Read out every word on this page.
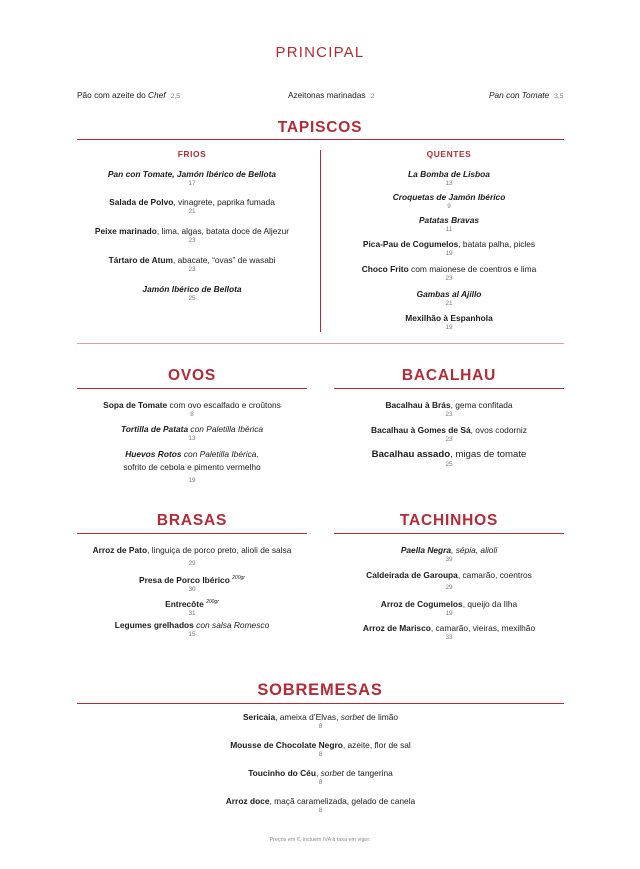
PRINCIPAL
Pão com azeite do Chef 2,5	Azeitonas marinadas 2	Pan con Tomate 3,5
TAPISCOS
FRIOS	QUENTES
Pan con Tomate, Jamón Ibérico de Bellota
17
Salada de Polvo, vinagrete, paprika fumada
21
Peixe marinado, lima, algas, batata doce de Aljezur
23
Tártaro de Atum, abacate, “ovas” de wasabi
23
Jamón Ibérico de Bellota
25
La Bomba de Lisboa
13
Croquetas de Jamón Ibérico
9
Patatas Bravas
11
Pica-Pau de Cogumelos, batata palha, picles
19
Choco Frito com maionese de coentros e lima
23
Gambas al Ajillo
21
Mexilhão à Espanhola
19
OVOS
Sopa de Tomate com ovo escalfado e croûtons
8
Tortilla de Patata con Paletilla Ibérica
13
Huevos Rotos con Paletilla Ibérica,
sofrito de cebola e pimento vermelho
19
BACALHAU
Bacalhau à Brás, gema confitada
23
Bacalhau à Gomes de Sá, ovos codorniz
23
Bacalhau assado, migas de tomate
25
BRASAS
Arroz de Pato, linguiça de porco preto, alioli de salsa
29
Presa de Porco Ibérico $^{200gr}$
30
Entrecôte $^{200gr}$
31
Legumes grelhados con salsa Romesco
15
TACHINHOS
Paella Negra, sépia, alioli
39
Caldeirada de Garoupa, camarão, coentros
29
Arroz de Cogumelos, queijo da Ilha
19
Arroz de Marisco, camarão, vieiras, mexilhão
33
SOBREMESAS
Sericaia, ameixa d’Elvas, sorbet de limão
8
Mousse de Chocolate Negro, azeite, flor de sal
8
Toucinho do Céu, sorbet de tangerina
8
Arroz doce, maçã caramelizada, gelado de canela
8
Preços em €, incluem IVA à taxa em vigor.
